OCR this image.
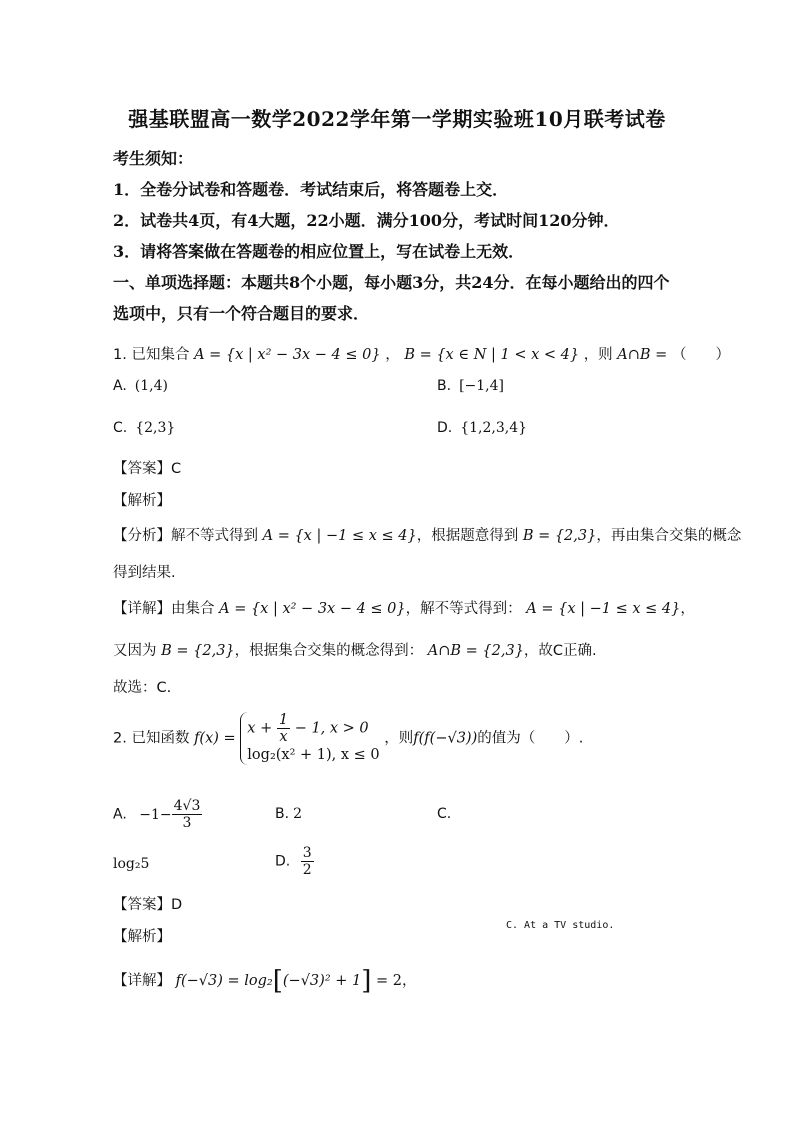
强基联盟高一数学2022学年第一学期实验班10月联考试卷
考生须知：
1．全卷分试卷和答题卷．考试结束后，将答题卷上交．
2．试卷共4页，有4大题，22小题．满分100分，考试时间120分钟．
3．请将答案做在答题卷的相应位置上，写在试卷上无效．
一、单项选择题：本题共8个小题，每小题3分，共24分．在每小题给出的四个
选项中，只有一个符合题目的要求．
1. 已知集合 A = {x | x² − 3x − 4 ≤ 0} ， B = {x ∈ N | 1 < x < 4} ，则 A∩B = （　　）
A. (1,4)	B. [−1,4]
C. {2,3}	D. {1,2,3,4}
【答案】C
【解析】
【分析】解不等式得到 A = {x | −1 ≤ x ≤ 4}，根据题意得到 B = {2,3}，再由集合交集的概念
得到结果.
【详解】由集合 A = {x | x² − 3x − 4 ≤ 0}，解不等式得到： A = {x | −1 ≤ x ≤ 4}，
又因为 B = {2,3}，根据集合交集的概念得到： A∩B = {2,3}，故C正确.
故选：C.
2. 已知函数 f(x) =
$x + \frac{1}{x} - 1$, x > 0
log₂(x² + 1), x ≤ 0
，则f(f(−√3))的值为（　　）.
A. $-1- \frac{4√3}{3}$	B. 2	C.
log₂5	D. $\frac{3}{2}$
【答案】D
【解析】
C. At a TV studio.
【详解】 f(−√3) = log₂[(−√3)² + 1] = 2，
